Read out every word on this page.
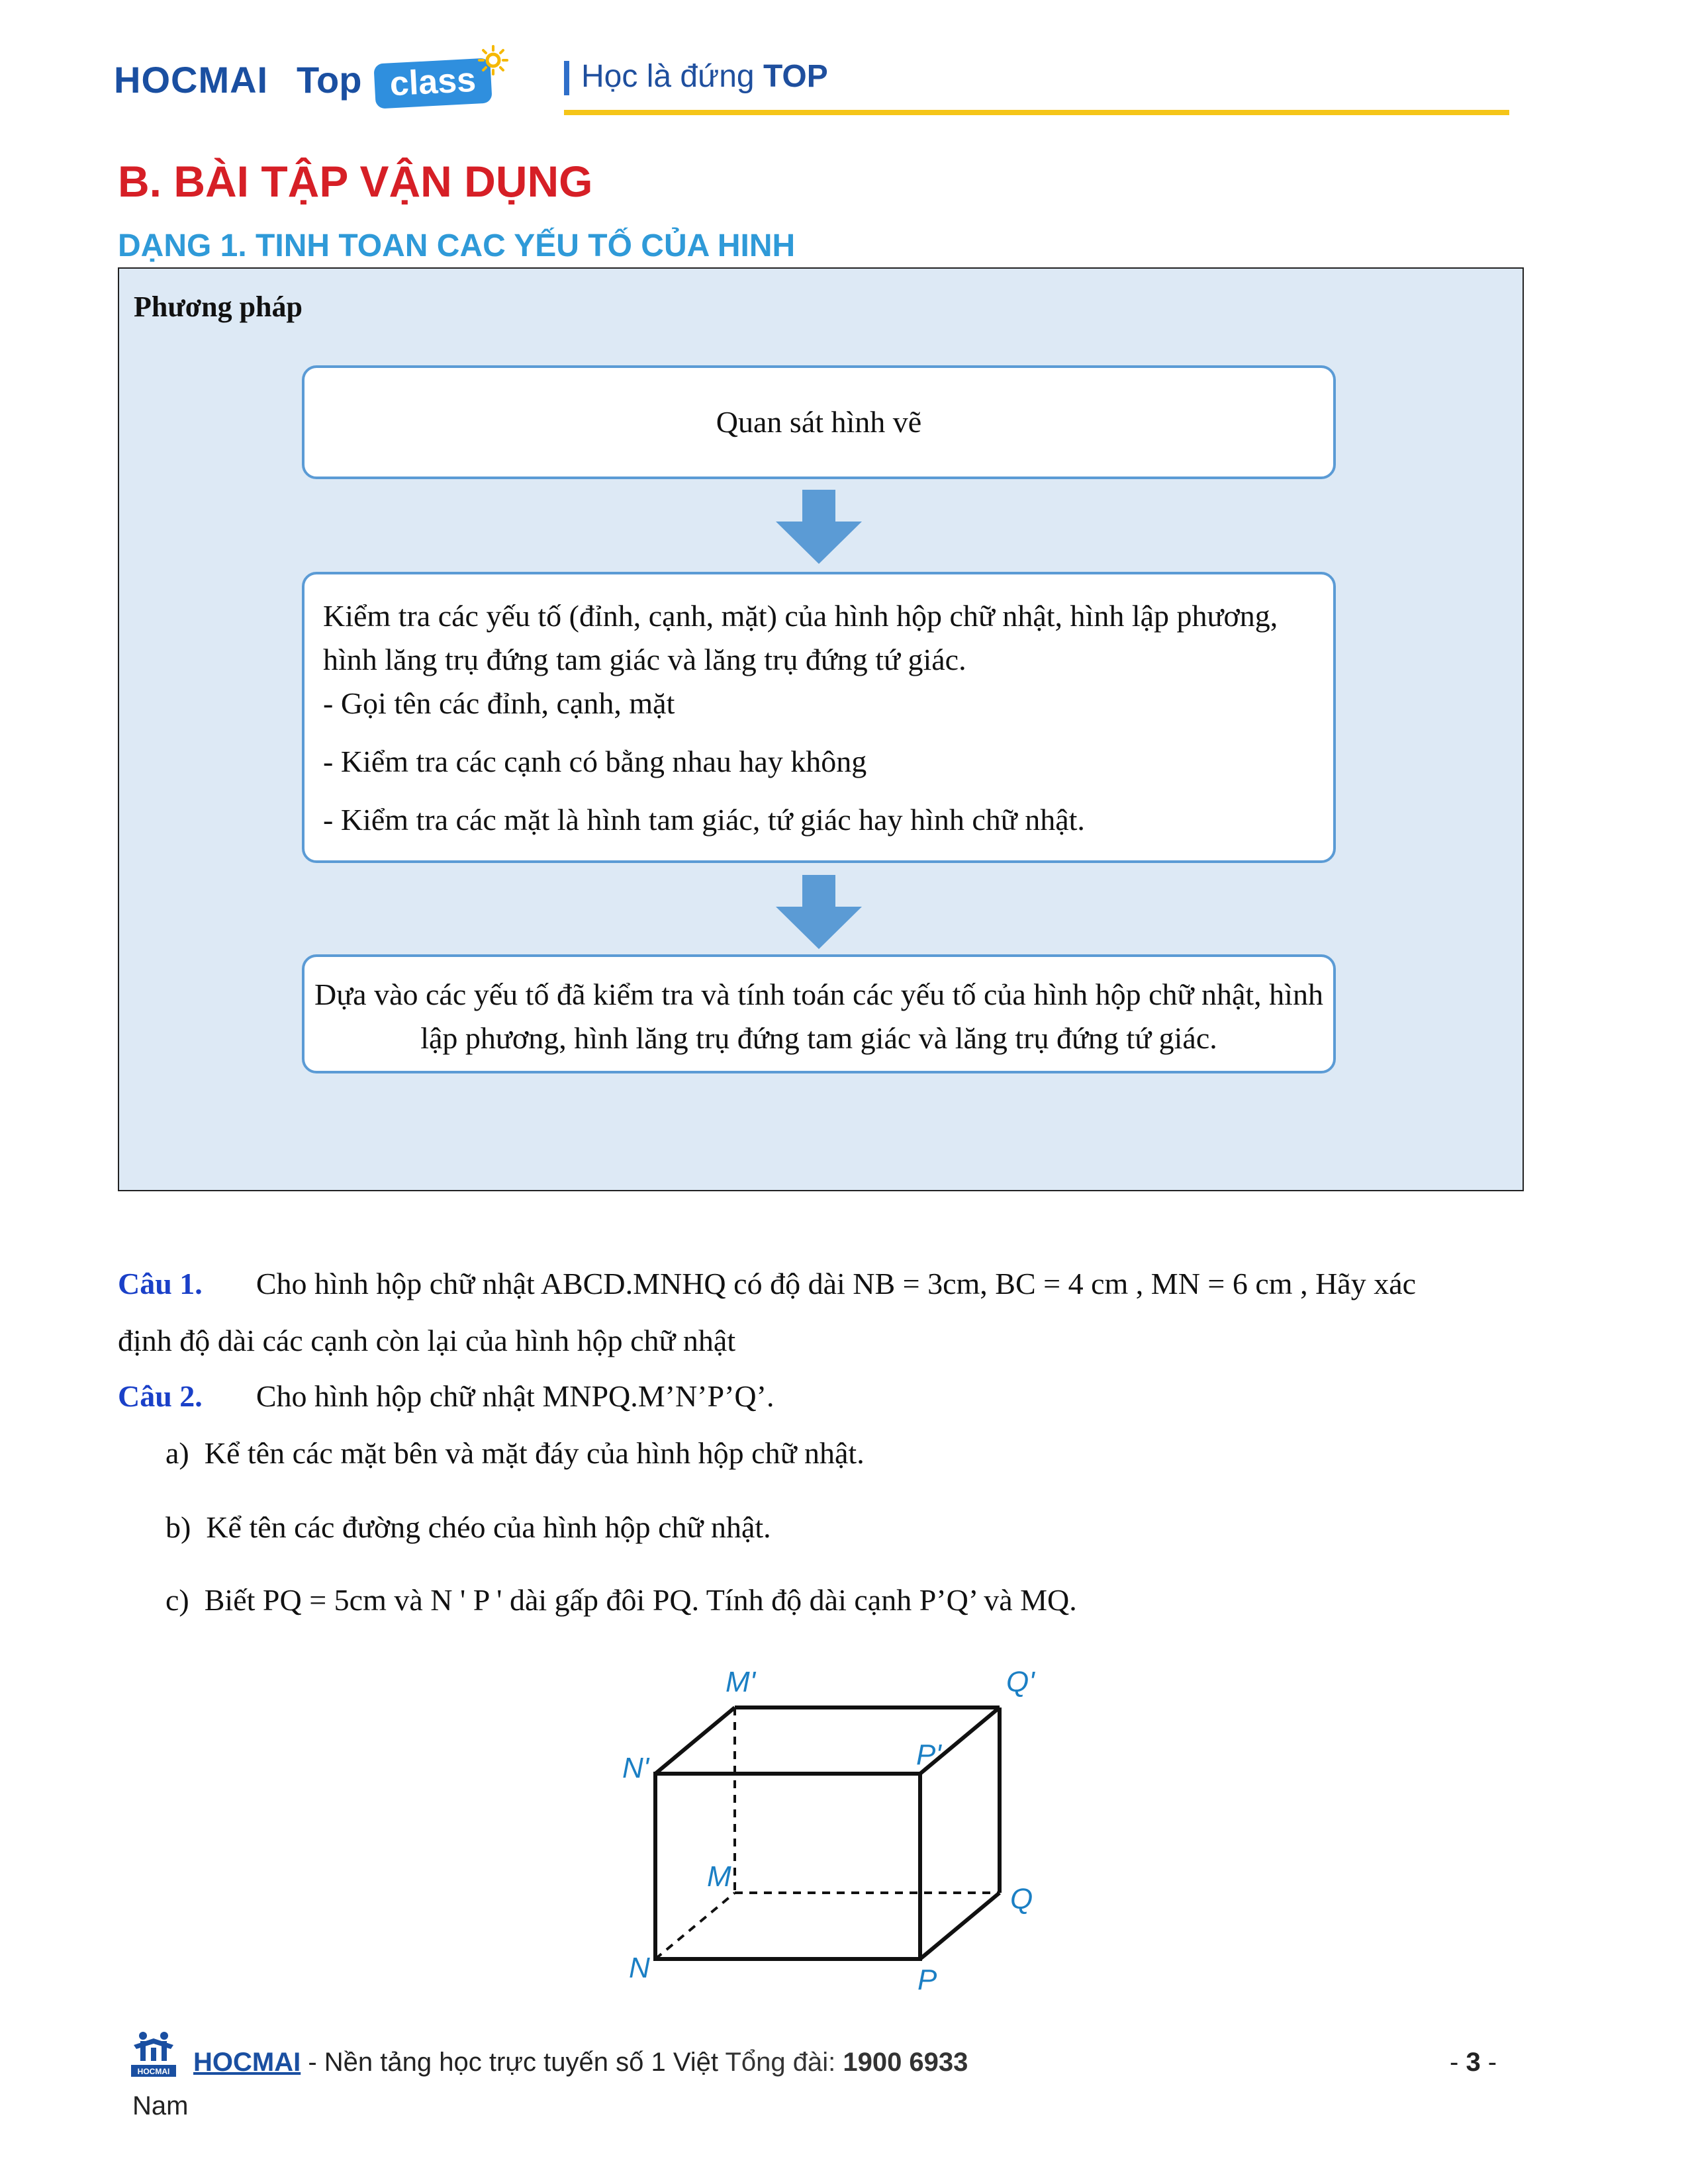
HOCMAI Top class	Học là đứng TOP
B. BÀI TẬP VẬN DỤNG
DẠNG 1. TINH TOAN CAC YẾU TỐ CỦA HINH
Phương pháp
Quan sát hình vẽ

Kiểm tra các yếu tố (đỉnh, cạnh, mặt) của hình hộp chữ nhật, hình lập phương, hình lăng trụ đứng tam giác và lăng trụ đứng tứ giác.

- Gọi tên các đỉnh, cạnh, mặt

- Kiểm tra các cạnh có bằng nhau hay không

- Kiểm tra các mặt là hình tam giác, tứ giác hay hình chữ nhật.

Dựa vào các yếu tố đã kiểm tra và tính toán các yếu tố của hình hộp chữ nhật, hình lập phương, hình lăng trụ đứng tam giác và lăng trụ đứng tứ giác.
Câu 1. Cho hình hộp chữ nhật ABCD.MNHQ có độ dài NB = 3cm, BC = 4 cm , MN = 6 cm , Hãy xác
định độ dài các cạnh còn lại của hình hộp chữ nhật
Câu 2. Cho hình hộp chữ nhật MNPQ.M’N’P’Q’.
a) Kể tên các mặt bên và mặt đáy của hình hộp chữ nhật.
b) Kể tên các đường chéo của hình hộp chữ nhật.
c) Biết PQ = 5cm và N ' P ' dài gấp đôi PQ. Tính độ dài cạnh P’Q’ và MQ.
M'	Q'
N'	P'
M
Q
N	P
HOCMAI HOCMAI - Nền tảng học trực tuyến số 1 Việt Tổng đài: 1900 6933
Nam
- 3 -
